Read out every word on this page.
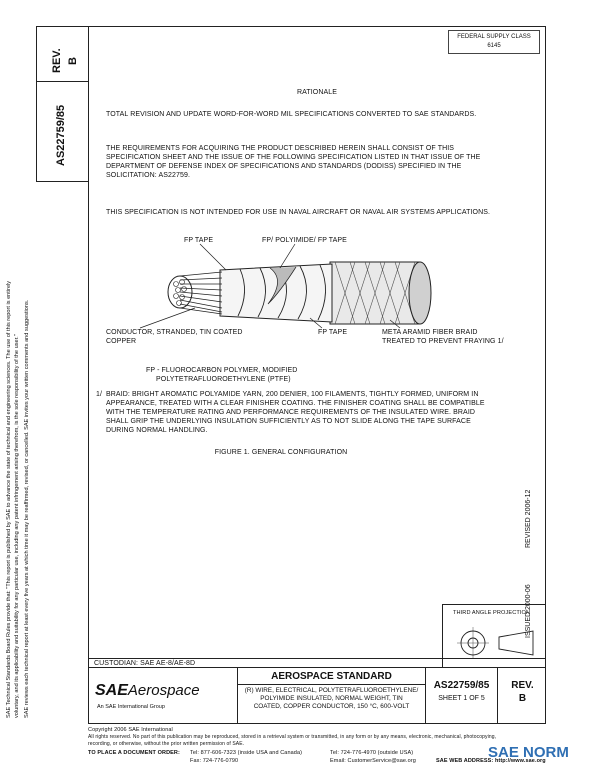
SAE Technical Standards Board Rules provide that: "This report is published by SAE to advance the state of technical and engineering sciences. The use of this report is entirely voluntary, and its applicability and suitability for any particular use, including any patent infringement arising therefrom, is the sole responsibility of the user." SAE reviews each technical report at least every five years at which time it may be reaffirmed, revised, or cancelled. SAE invites your written comments and suggestions.
REV. B
AS22759/85
FEDERAL SUPPLY CLASS
6145
RATIONALE
TOTAL REVISION AND UPDATE WORD-FOR-WORD MIL SPECIFICATIONS CONVERTED TO SAE STANDARDS.
THE REQUIREMENTS FOR ACQUIRING THE PRODUCT DESCRIBED HEREIN SHALL CONSIST OF THIS
SPECIFICATION SHEET AND THE ISSUE OF THE FOLLOWING SPECIFICATION LISTED IN THAT ISSUE OF THE
DEPARTMENT OF DEFENSE INDEX OF SPECIFICATIONS AND STANDARDS (DODISS) SPECIFIED IN THE
SOLICITATION: AS22759.
THIS SPECIFICATION IS NOT INTENDED FOR USE IN NAVAL AIRCRAFT OR NAVAL AIR SYSTEMS APPLICATIONS.
FP TAPE	FP/ POLYIMIDE/ FP TAPE
CONDUCTOR, STRANDED, TIN COATED
COPPER
FP TAPE	META ARAMID FIBER BRAID
TREATED TO PREVENT FRAYING 1/
FP - FLUOROCARBON POLYMER, MODIFIED
POLYTETRAFLUOROETHYLENE (PTFE)
1/ BRAID: BRIGHT AROMATIC POLYAMIDE YARN, 200 DENIER, 100 FILAMENTS, TIGHTLY FORMED, UNIFORM IN
APPEARANCE, TREATED WITH A CLEAR FINISHER COATING. THE FINISHER COATING SHALL BE COMPATIBLE
WITH THE TEMPERATURE RATING AND PERFORMANCE REQUIREMENTS OF THE INSULATED WIRE. BRAID
SHALL GRIP THE UNDERLYING INSULATION SUFFICIENTLY AS TO NOT SLIDE ALONG THE TAPE SURFACE
DURING NORMAL HANDLING.
FIGURE 1. GENERAL CONFIGURATION
REVISED 2006-12
ISSUED 2000-06
THIRD ANGLE PROJECTION
CUSTODIAN: SAE AE-8/AE-8D
SAEAerospace
An SAE International Group
AEROSPACE STANDARD
(R) WIRE, ELECTRICAL, POLYTETRAFLUOROETHYLENE/
POLYIMIDE INSULATED, NORMAL WEIGHT, TIN
COATED, COPPER CONDUCTOR, 150 °C, 600-VOLT
AS22759/85
SHEET 1 OF 5
REV.
B
Copyright 2006 SAE International
All rights reserved. No part of this publication may be reproduced, stored in a retrieval system or transmitted, in any form or by any means, electronic, mechanical, photocopying,
recording, or otherwise, without the prior written permission of SAE.
TO PLACE A DOCUMENT ORDER: Tel: 877-606-7323 (inside USA and Canada)	Tel: 724-776-4970 (outside USA)
Fax: 724-776-0790	Email: CustomerService@sae.org	SAE WEB ADDRESS: http://www.sae.org
SAE NORM
